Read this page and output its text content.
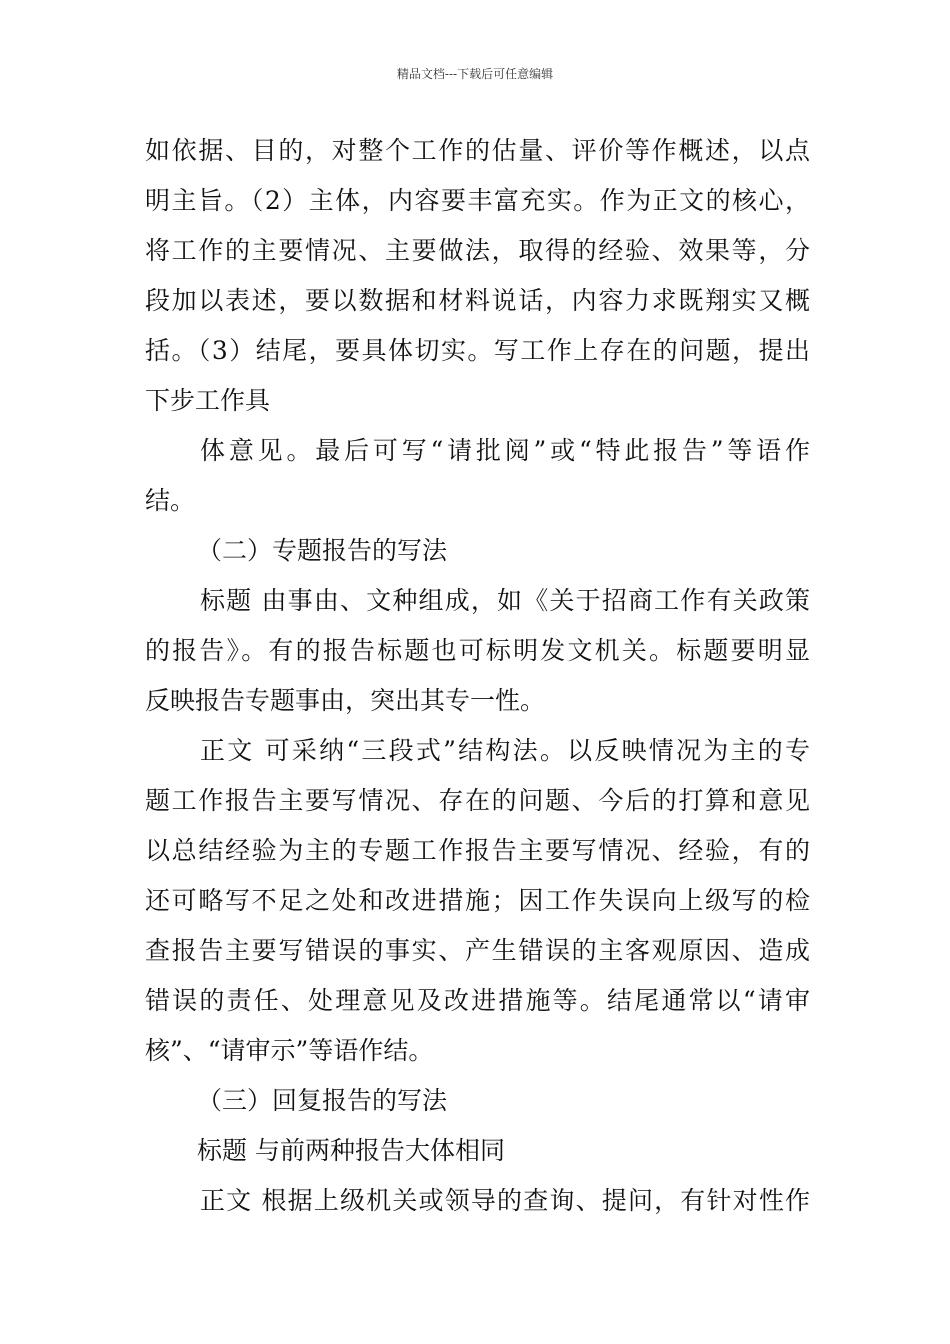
精品文档---下载后可任意编辑
如依据、目的，对整个工作的估量、评价等作概述，以点
明主旨。（2）主体，内容要丰富充实。作为正文的核心，
将工作的主要情况、主要做法，取得的经验、效果等，分
段加以表述，要以数据和材料说话，内容力求既翔实又概
括。（3）结尾，要具体切实。写工作上存在的问题，提出
下步工作具
体意见。最后可写“请批阅”或“特此报告”等语作
结。
（二）专题报告的写法
标题 由事由、文种组成，如《关于招商工作有关政策
的报告》。有的报告标题也可标明发文机关。标题要明显
反映报告专题事由，突出其专一性。
正文 可采纳“三段式”结构法。以反映情况为主的专
题工作报告主要写情况、存在的问题、今后的打算和意见
以总结经验为主的专题工作报告主要写情况、经验，有的
还可略写不足之处和改进措施；因工作失误向上级写的检
查报告主要写错误的事实、产生错误的主客观原因、造成
错误的责任、处理意见及改进措施等。结尾通常以“请审
核”、“请审示”等语作结。
（三）回复报告的写法
标题 与前两种报告大体相同
正文 根据上级机关或领导的查询、提问，有针对性作
